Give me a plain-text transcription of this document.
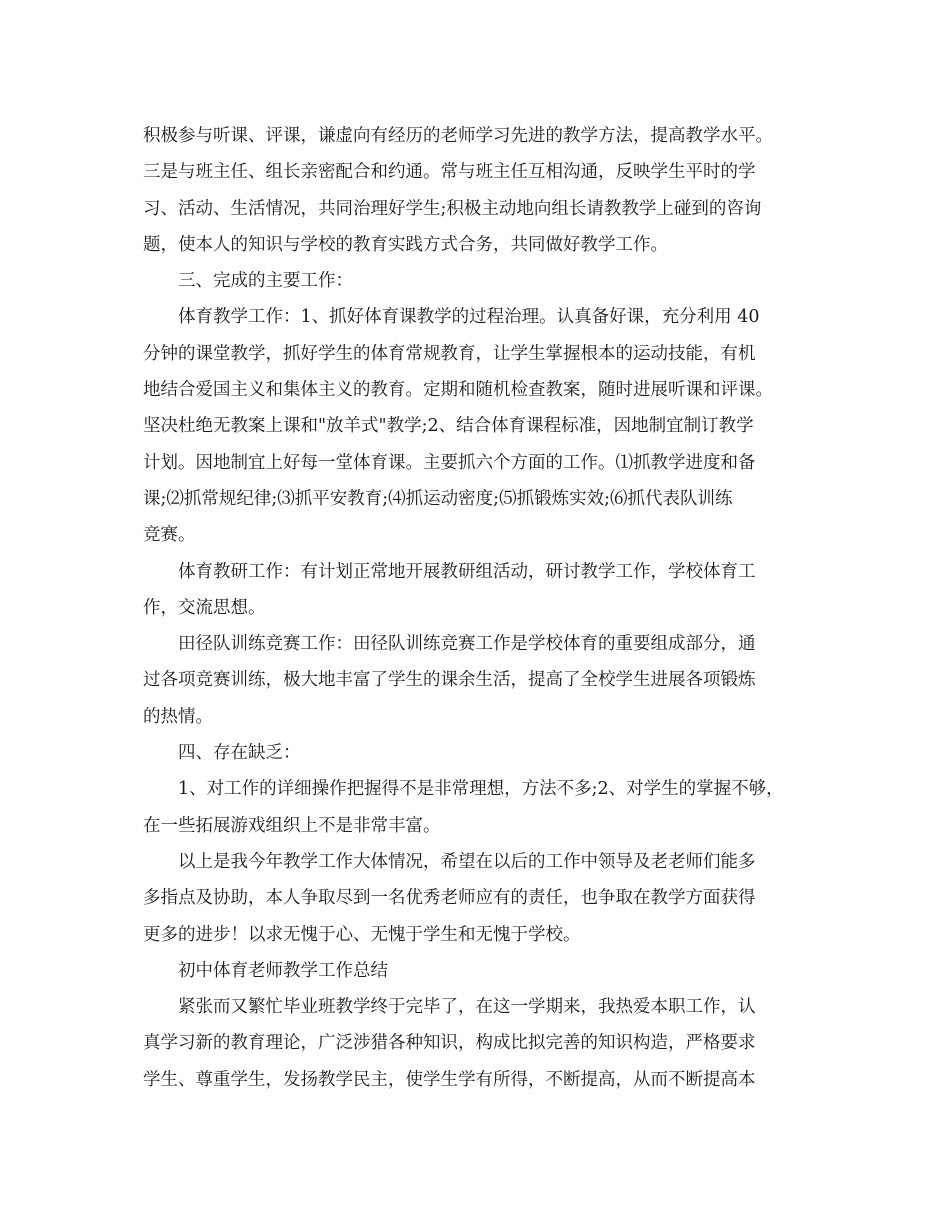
积极参与听课、评课，谦虚向有经历的老师学习先进的教学方法，提高教学水平。
三是与班主任、组长亲密配合和约通。常与班主任互相沟通，反映学生平时的学
习、活动、生活情况，共同治理好学生;积极主动地向组长请教教学上碰到的咨询
题，使本人的知识与学校的教育实践方式合务，共同做好教学工作。
三、完成的主要工作：
体育教学工作：1、抓好体育课教学的过程治理。认真备好课，充分利用 40
分钟的课堂教学，抓好学生的体育常规教育，让学生掌握根本的运动技能，有机
地结合爱国主义和集体主义的教育。定期和随机检查教案，随时进展听课和评课。
坚决杜绝无教案上课和"放羊式"教学;2、结合体育课程标准，因地制宜制订教学
计划。因地制宜上好每一堂体育课。主要抓六个方面的工作。⑴抓教学进度和备
课;⑵抓常规纪律;⑶抓平安教育;⑷抓运动密度;⑸抓锻炼实效;⑹抓代表队训练
竞赛。
体育教研工作：有计划正常地开展教研组活动，研讨教学工作，学校体育工
作，交流思想。
田径队训练竞赛工作：田径队训练竞赛工作是学校体育的重要组成部分，通
过各项竞赛训练，极大地丰富了学生的课余生活，提高了全校学生进展各项锻炼
的热情。
四、存在缺乏：
1、对工作的详细操作把握得不是非常理想，方法不多;2、对学生的掌握不够，
在一些拓展游戏组织上不是非常丰富。
以上是我今年教学工作大体情况，希望在以后的工作中领导及老老师们能多
多指点及协助，本人争取尽到一名优秀老师应有的责任，也争取在教学方面获得
更多的进步！以求无愧于心、无愧于学生和无愧于学校。
初中体育老师教学工作总结
紧张而又繁忙毕业班教学终于完毕了，在这一学期来，我热爱本职工作，认
真学习新的教育理论，广泛涉猎各种知识，构成比拟完善的知识构造，严格要求
学生、尊重学生，发扬教学民主，使学生学有所得，不断提高，从而不断提高本
